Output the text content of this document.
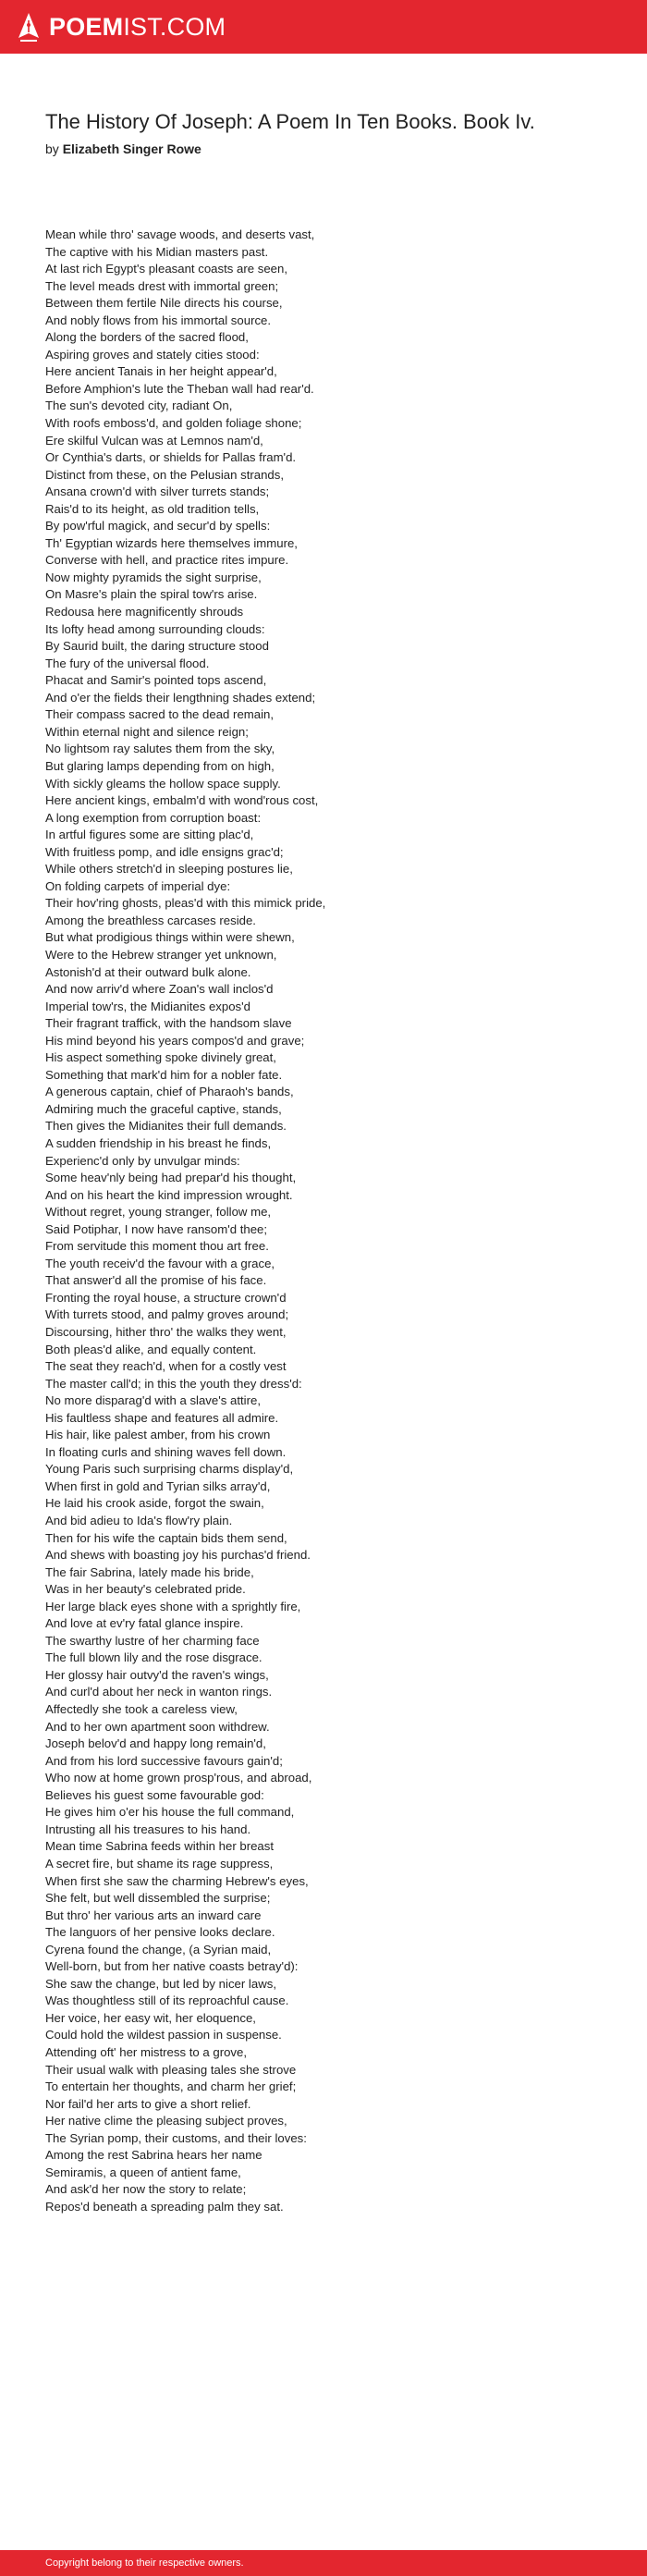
POEMIST.COM
The History Of Joseph: A Poem In Ten Books. Book Iv.
by Elizabeth Singer Rowe
Mean while thro' savage woods, and deserts vast,
The captive with his Midian masters past.
At last rich Egypt's pleasant coasts are seen,
The level meads drest with immortal green;
Between them fertile Nile directs his course,
And nobly flows from his immortal source.
Along the borders of the sacred flood,
Aspiring groves and stately cities stood:
Here ancient Tanais in her height appear'd,
Before Amphion's lute the Theban wall had rear'd.
The sun's devoted city, radiant On,
With roofs emboss'd, and golden foliage shone;
Ere skilful Vulcan was at Lemnos nam'd,
Or Cynthia's darts, or shields for Pallas fram'd.
Distinct from these, on the Pelusian strands,
Ansana crown'd with silver turrets stands;
Rais'd to its height, as old tradition tells,
By pow'rful magick, and secur'd by spells:
Th' Egyptian wizards here themselves immure,
Converse with hell, and practice rites impure.
Now mighty pyramids the sight surprise,
On Masre's plain the spiral tow'rs arise.
Redousa here magnificently shrouds
Its lofty head among surrounding clouds:
By Saurid built, the daring structure stood
The fury of the universal flood.
Phacat and Samir's pointed tops ascend,
And o'er the fields their lengthning shades extend;
Their compass sacred to the dead remain,
Within eternal night and silence reign;
No lightsom ray salutes them from the sky,
But glaring lamps depending from on high,
With sickly gleams the hollow space supply.
Here ancient kings, embalm'd with wond'rous cost,
A long exemption from corruption boast:
In artful figures some are sitting plac'd,
With fruitless pomp, and idle ensigns grac'd;
While others stretch'd in sleeping postures lie,
On folding carpets of imperial dye:
Their hov'ring ghosts, pleas'd with this mimick pride,
Among the breathless carcases reside.
But what prodigious things within were shewn,
Were to the Hebrew stranger yet unknown,
Astonish'd at their outward bulk alone.
And now arriv'd where Zoan's wall inclos'd
Imperial tow'rs, the Midianites expos'd
Their fragrant traffick, with the handsom slave
His mind beyond his years compos'd and grave;
His aspect something spoke divinely great,
Something that mark'd him for a nobler fate.
A generous captain, chief of Pharaoh's bands,
Admiring much the graceful captive, stands,
Then gives the Midianites their full demands.
A sudden friendship in his breast he finds,
Experienc'd only by unvulgar minds:
Some heav'nly being had prepar'd his thought,
And on his heart the kind impression wrought.
Without regret, young stranger, follow me,
Said Potiphar, I now have ransom'd thee;
From servitude this moment thou art free.
The youth receiv'd the favour with a grace,
That answer'd all the promise of his face.
Fronting the royal house, a structure crown'd
With turrets stood, and palmy groves around;
Discoursing, hither thro' the walks they went,
Both pleas'd alike, and equally content.
The seat they reach'd, when for a costly vest
The master call'd; in this the youth they dress'd:
No more disparag'd with a slave's attire,
His faultless shape and features all admire.
His hair, like palest amber, from his crown
In floating curls and shining waves fell down.
Young Paris such surprising charms display'd,
When first in gold and Tyrian silks array'd,
He laid his crook aside, forgot the swain,
And bid adieu to Ida's flow'ry plain.
Then for his wife the captain bids them send,
And shews with boasting joy his purchas'd friend.
The fair Sabrina, lately made his bride,
Was in her beauty's celebrated pride.
Her large black eyes shone with a sprightly fire,
And love at ev'ry fatal glance inspire.
The swarthy lustre of her charming face
The full blown lily and the rose disgrace.
Her glossy hair outvy'd the raven's wings,
And curl'd about her neck in wanton rings.
Affectedly she took a careless view,
And to her own apartment soon withdrew.
Joseph belov'd and happy long remain'd,
And from his lord successive favours gain'd;
Who now at home grown prosp'rous, and abroad,
Believes his guest some favourable god:
He gives him o'er his house the full command,
Intrusting all his treasures to his hand.
Mean time Sabrina feeds within her breast
A secret fire, but shame its rage suppress,
When first she saw the charming Hebrew's eyes,
She felt, but well dissembled the surprise;
But thro' her various arts an inward care
The languors of her pensive looks declare.
Cyrena found the change, (a Syrian maid,
Well-born, but from her native coasts betray'd):
She saw the change, but led by nicer laws,
Was thoughtless still of its reproachful cause.
Her voice, her easy wit, her eloquence,
Could hold the wildest passion in suspense.
Attending oft' her mistress to a grove,
Their usual walk with pleasing tales she strove
To entertain her thoughts, and charm her grief;
Nor fail'd her arts to give a short relief.
Her native clime the pleasing subject proves,
The Syrian pomp, their customs, and their loves:
Among the rest Sabrina hears her name
Semiramis, a queen of antient fame,
And ask'd her now the story to relate;
Repos'd beneath a spreading palm they sat.
Copyright belong to their respective owners.
